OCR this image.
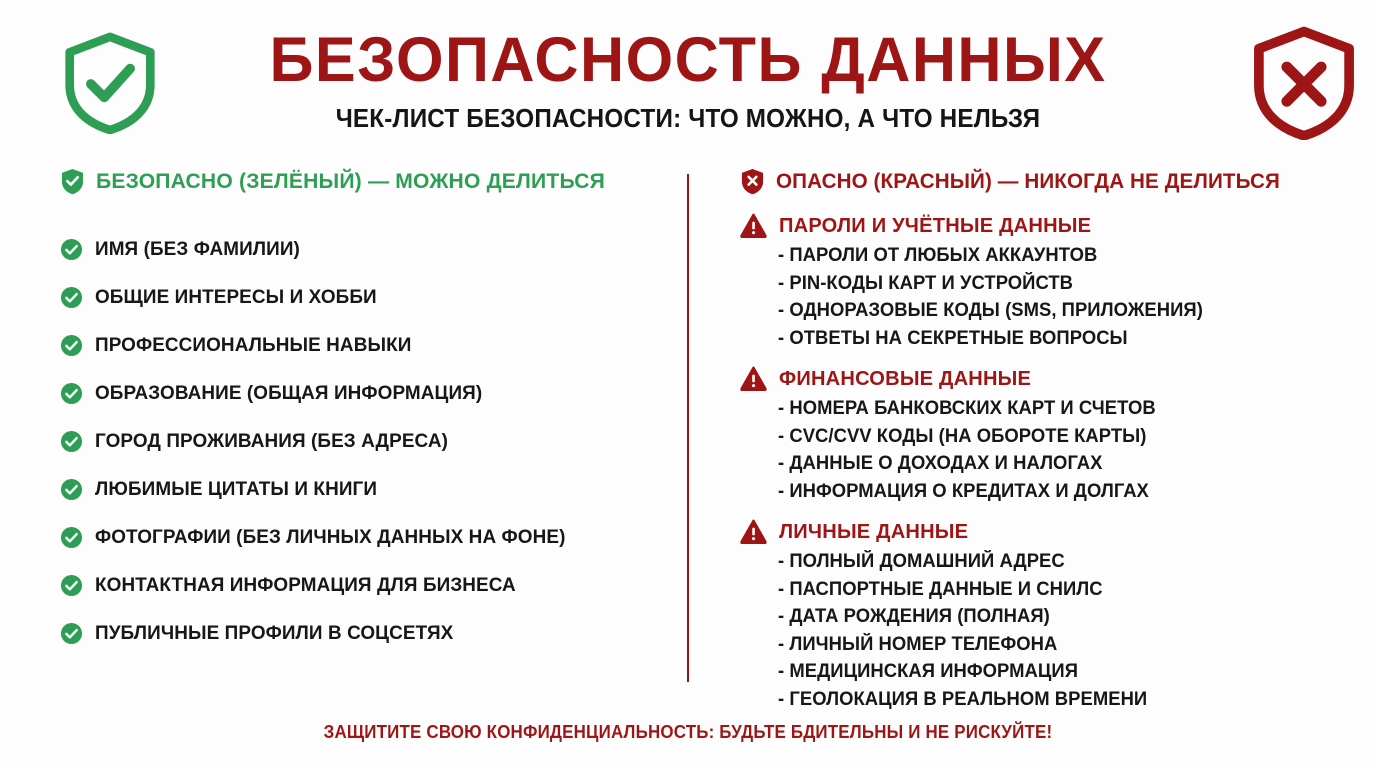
БЕЗОПАСНОСТЬ ДАННЫХ
ЧЕК-ЛИСТ БЕЗОПАСНОСТИ: ЧТО МОЖНО, А ЧТО НЕЛЬЗЯ
БЕЗОПАСНО (ЗЕЛЁНЫЙ) — МОЖНО ДЕЛИТЬСЯ
ИМЯ (БЕЗ ФАМИЛИИ)
ОБЩИЕ ИНТЕРЕСЫ И ХОББИ
ПРОФЕССИОНАЛЬНЫЕ НАВЫКИ
ОБРАЗОВАНИЕ (ОБЩАЯ ИНФОРМАЦИЯ)
ГОРОД ПРОЖИВАНИЯ (БЕЗ АДРЕСА)
ЛЮБИМЫЕ ЦИТАТЫ И КНИГИ
ФОТОГРАФИИ (БЕЗ ЛИЧНЫХ ДАННЫХ НА ФОНЕ)
КОНТАКТНАЯ ИНФОРМАЦИЯ ДЛЯ БИЗНЕСА
ПУБЛИЧНЫЕ ПРОФИЛИ В СОЦСЕТЯХ
ОПАСНО (КРАСНЫЙ) — НИКОГДА НЕ ДЕЛИТЬСЯ
ПАРОЛИ И УЧЁТНЫЕ ДАННЫЕ
- ПАРОЛИ ОТ ЛЮБЫХ АККАУНТОВ
- PIN-КОДЫ КАРТ И УСТРОЙСТВ
- ОДНОРАЗОВЫЕ КОДЫ (SMS, ПРИЛОЖЕНИЯ)
- ОТВЕТЫ НА СЕКРЕТНЫЕ ВОПРОСЫ
ФИНАНСОВЫЕ ДАННЫЕ
- НОМЕРА БАНКОВСКИХ КАРТ И СЧЕТОВ
- CVC/CVV КОДЫ (НА ОБОРОТЕ КАРТЫ)
- ДАННЫЕ О ДОХОДАХ И НАЛОГАХ
- ИНФОРМАЦИЯ О КРЕДИТАХ И ДОЛГАХ
ЛИЧНЫЕ ДАННЫЕ
- ПОЛНЫЙ ДОМАШНИЙ АДРЕС
- ПАСПОРТНЫЕ ДАННЫЕ И СНИЛС
- ДАТА РОЖДЕНИЯ (ПОЛНАЯ)
- ЛИЧНЫЙ НОМЕР ТЕЛЕФОНА
- МЕДИЦИНСКАЯ ИНФОРМАЦИЯ
- ГЕОЛОКАЦИЯ В РЕАЛЬНОМ ВРЕМЕНИ
ЗАЩИТИТЕ СВОЮ КОНФИДЕНЦИАЛЬНОСТЬ: БУДЬТЕ БДИТЕЛЬНЫ И НЕ РИСКУЙТЕ!
